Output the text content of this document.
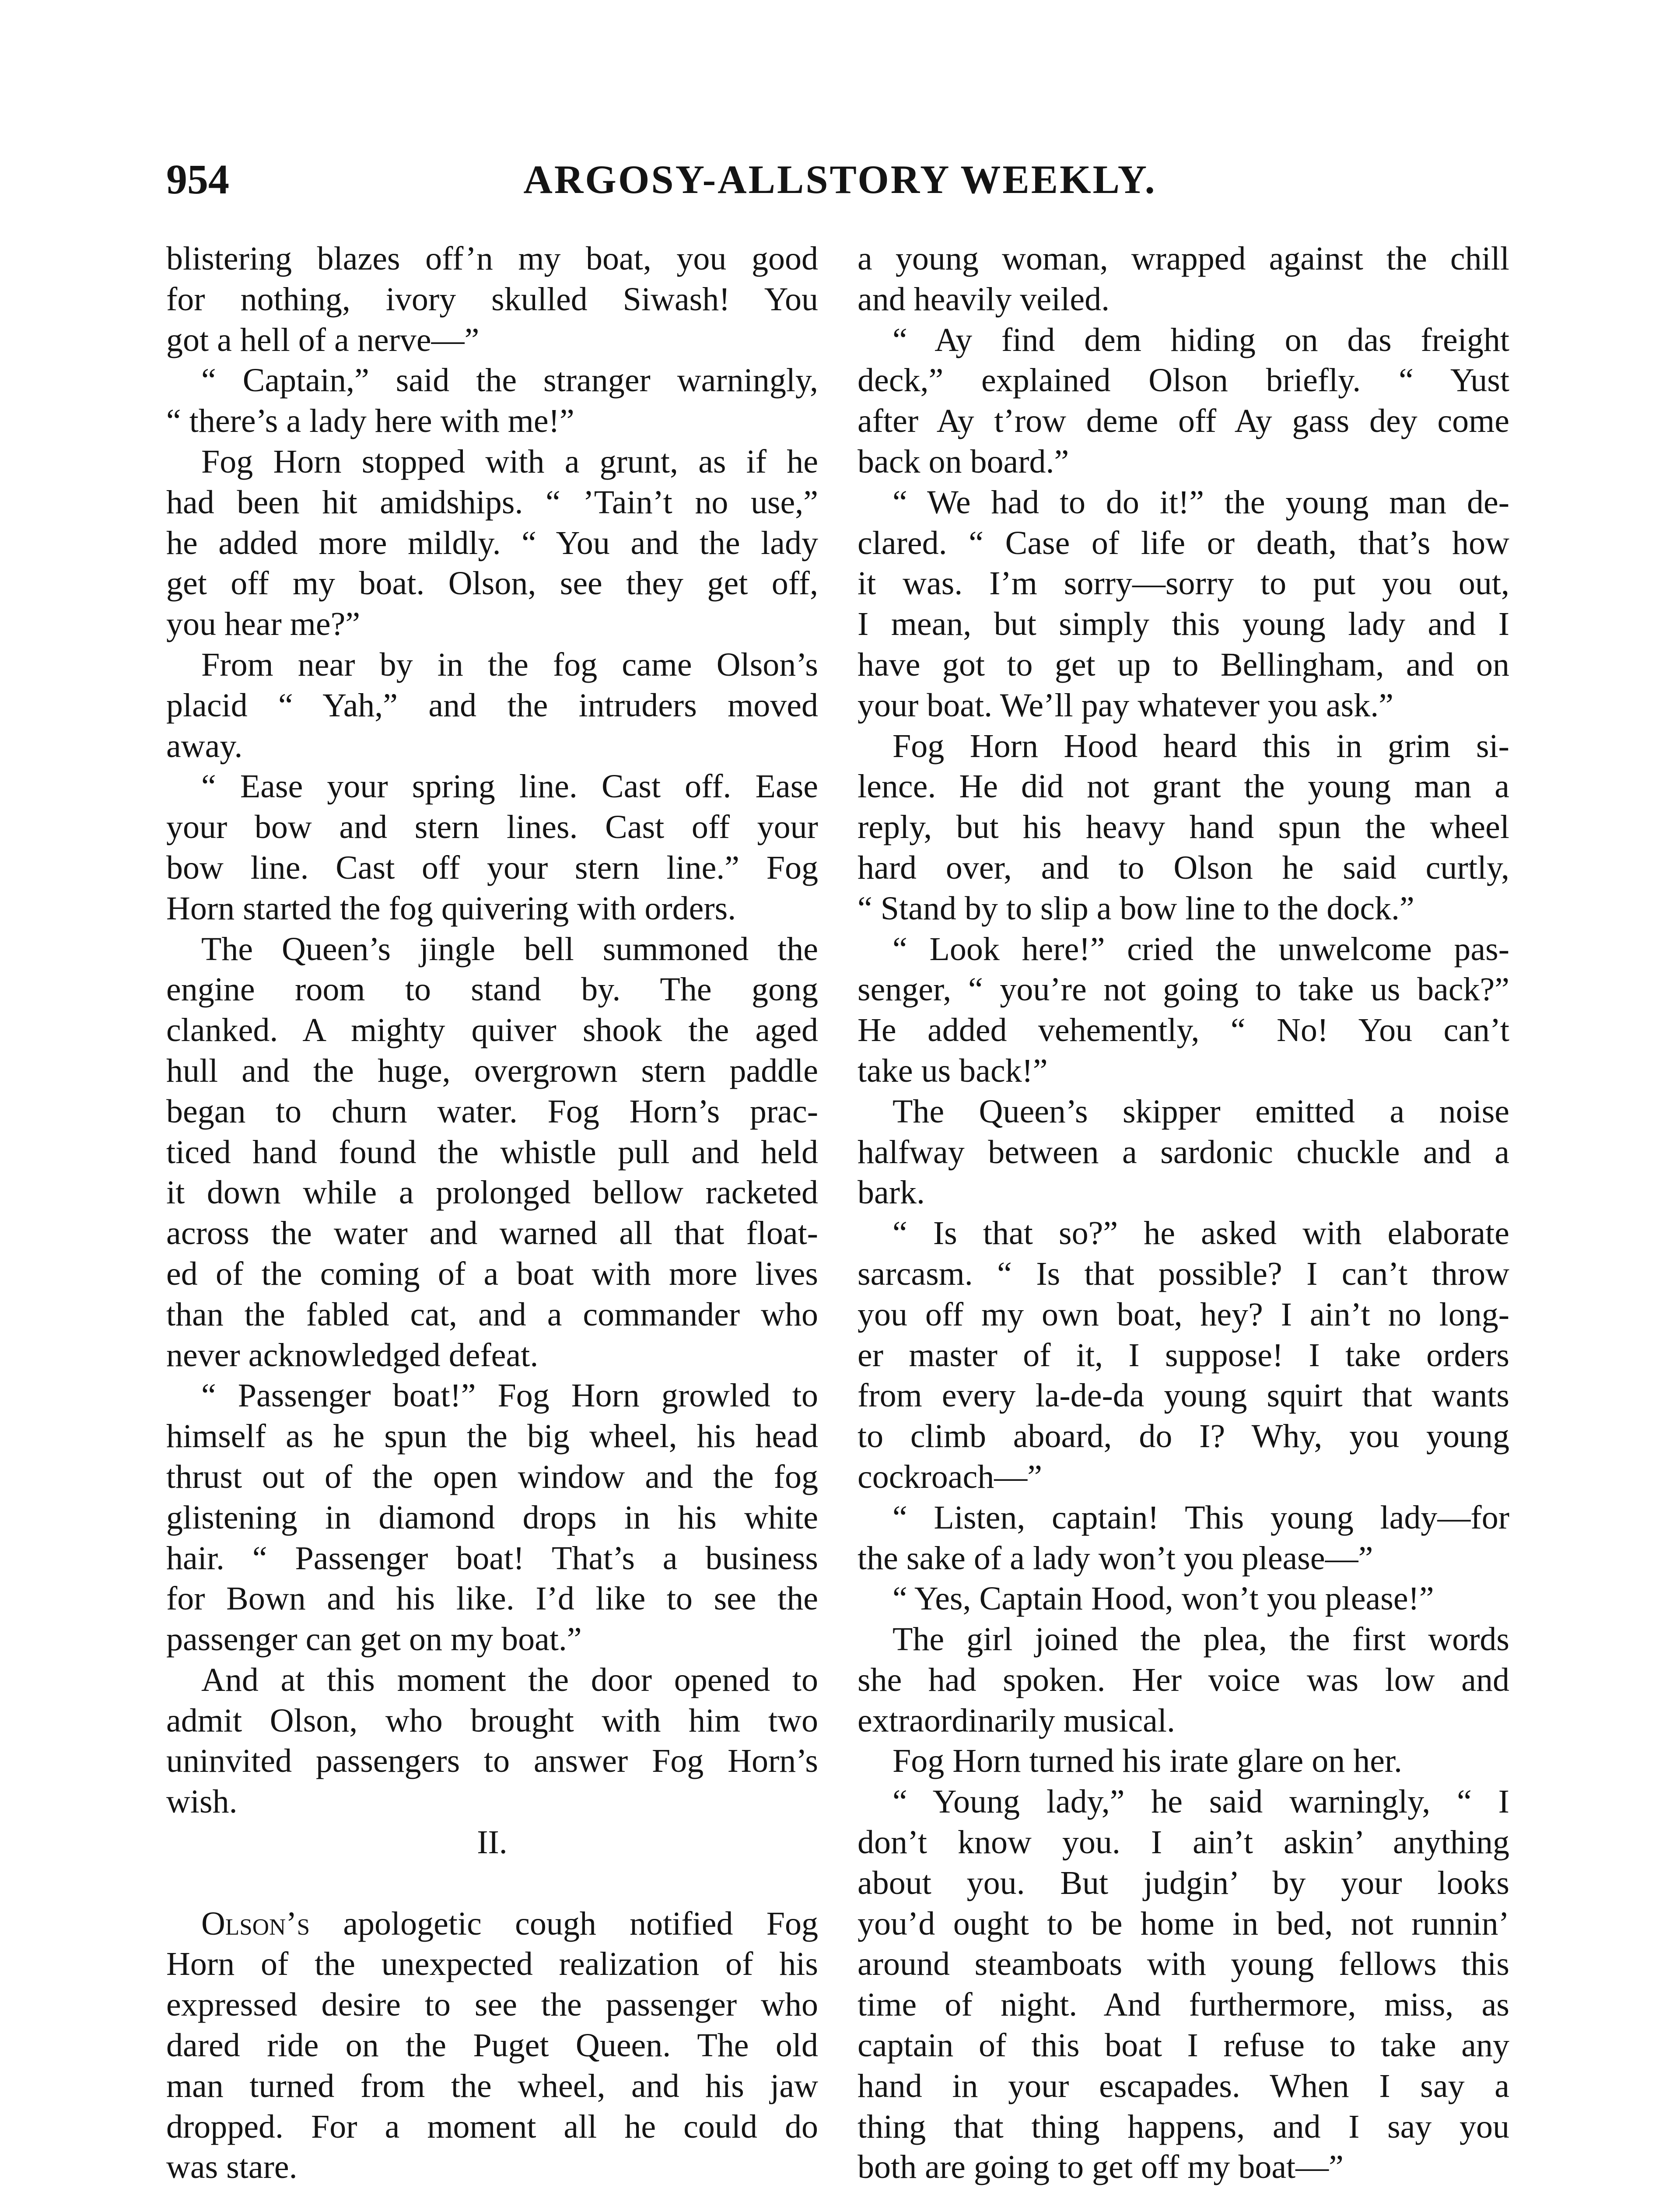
954	ARGOSY-ALLSTORY WEEKLY.
blistering blazes off’n my boat, you good
for nothing, ivory skulled Siwash! You
got a hell of a nerve—”
“ Captain,” said the stranger warningly,
“ there’s a lady here with me!”
Fog Horn stopped with a grunt, as if he
had been hit amidships. “ ’Tain’t no use,”
he added more mildly. “ You and the lady
get off my boat. Olson, see they get off,
you hear me?”
From near by in the fog came Olson’s
placid “ Yah,” and the intruders moved
away.
“ Ease your spring line. Cast off. Ease
your bow and stern lines. Cast off your
bow line. Cast off your stern line.” Fog
Horn started the fog quivering with orders.
The Queen’s jingle bell summoned the
engine room to stand by. The gong
clanked. A mighty quiver shook the aged
hull and the huge, overgrown stern paddle
began to churn water. Fog Horn’s prac-
ticed hand found the whistle pull and held
it down while a prolonged bellow racketed
across the water and warned all that float-
ed of the coming of a boat with more lives
than the fabled cat, and a commander who
never acknowledged defeat.
“ Passenger boat!” Fog Horn growled to
himself as he spun the big wheel, his head
thrust out of the open window and the fog
glistening in diamond drops in his white
hair. “ Passenger boat! That’s a business
for Bown and his like. I’d like to see the
passenger can get on my boat.”
And at this moment the door opened to
admit Olson, who brought with him two
uninvited passengers to answer Fog Horn’s
wish.
II.
Olson’s apologetic cough notified Fog
Horn of the unexpected realization of his
expressed desire to see the passenger who
dared ride on the Puget Queen. The old
man turned from the wheel, and his jaw
dropped. For a moment all he could do
was stare.
a young woman, wrapped against the chill
and heavily veiled.
“ Ay find dem hiding on das freight
deck,” explained Olson briefly. “ Yust
after Ay t’row deme off Ay gass dey come
back on board.”
“ We had to do it!” the young man de-
clared. “ Case of life or death, that’s how
it was. I’m sorry—sorry to put you out,
I mean, but simply this young lady and I
have got to get up to Bellingham, and on
your boat. We’ll pay whatever you ask.”
Fog Horn Hood heard this in grim si-
lence. He did not grant the young man a
reply, but his heavy hand spun the wheel
hard over, and to Olson he said curtly,
“ Stand by to slip a bow line to the dock.”
“ Look here!” cried the unwelcome pas-
senger, “ you’re not going to take us back?”
He added vehemently, “ No! You can’t
take us back!”
The Queen’s skipper emitted a noise
halfway between a sardonic chuckle and a
bark.
“ Is that so?” he asked with elaborate
sarcasm. “ Is that possible? I can’t throw
you off my own boat, hey? I ain’t no long-
er master of it, I suppose! I take orders
from every la-de-da young squirt that wants
to climb aboard, do I? Why, you young
cockroach—”
“ Listen, captain! This young lady—for
the sake of a lady won’t you please—”
“ Yes, Captain Hood, won’t you please!”
The girl joined the plea, the first words
she had spoken. Her voice was low and
extraordinarily musical.
Fog Horn turned his irate glare on her.
“ Young lady,” he said warningly, “ I
don’t know you. I ain’t askin’ anything
about you. But judgin’ by your looks
you’d ought to be home in bed, not runnin’
around steamboats with young fellows this
time of night. And furthermore, miss, as
captain of this boat I refuse to take any
hand in your escapades. When I say a
thing that thing happens, and I say you
both are going to get off my boat—”
